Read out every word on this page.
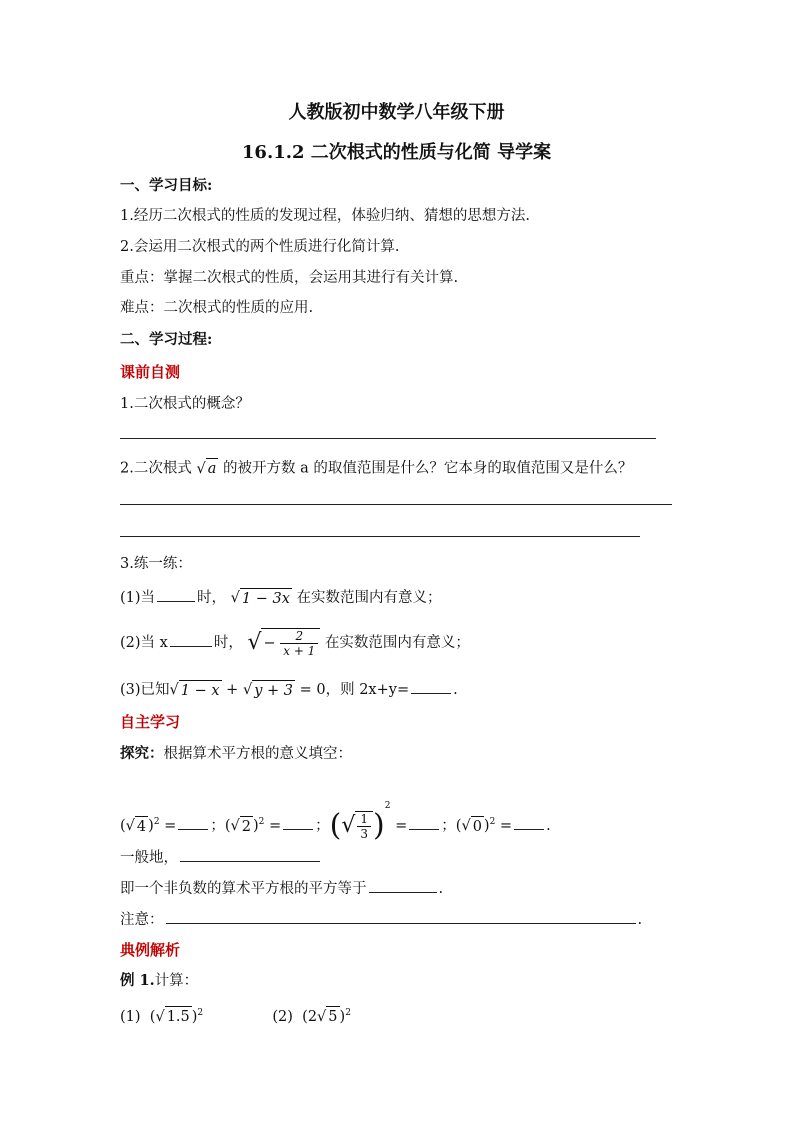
人教版初中数学八年级下册
16.1.2 二次根式的性质与化简 导学案
一、学习目标:
1.经历二次根式的性质的发现过程，体验归纳、猜想的思想方法.
2.会运用二次根式的两个性质进行化简计算.
重点：掌握二次根式的性质，会运用其进行有关计算.
难点：二次根式的性质的应用.
二、学习过程:
课前自测
1.二次根式的概念？
2.二次根式 √ a 的被开方数 a 的取值范围是什么？它本身的取值范围又是什么？
3.练一练：
(1)当	时， √ 1 − 3x 在实数范围内有意义；
(2)当 x	时， √ − $\frac{2}{x + 1}$ 在实数范围内有意义；
(3)已知√ 1 − x + √ y + 3 = 0，则 2x+y=	.
自主学习
探究：根据算术平方根的意义填空：
(√ 4 )$^2$ = ；(√ 2 )$^2$ = ；(√ $\frac{1}{3} )^2$ = ；(√ 0 )$^2$ = .
一般地，
即一个非负数的算术平方根的平方等于	.
注意：	.
典例解析
例 1.计算：
(1) (√ 1.5 )$^2$	(2) (2√ 5 )$^2$
